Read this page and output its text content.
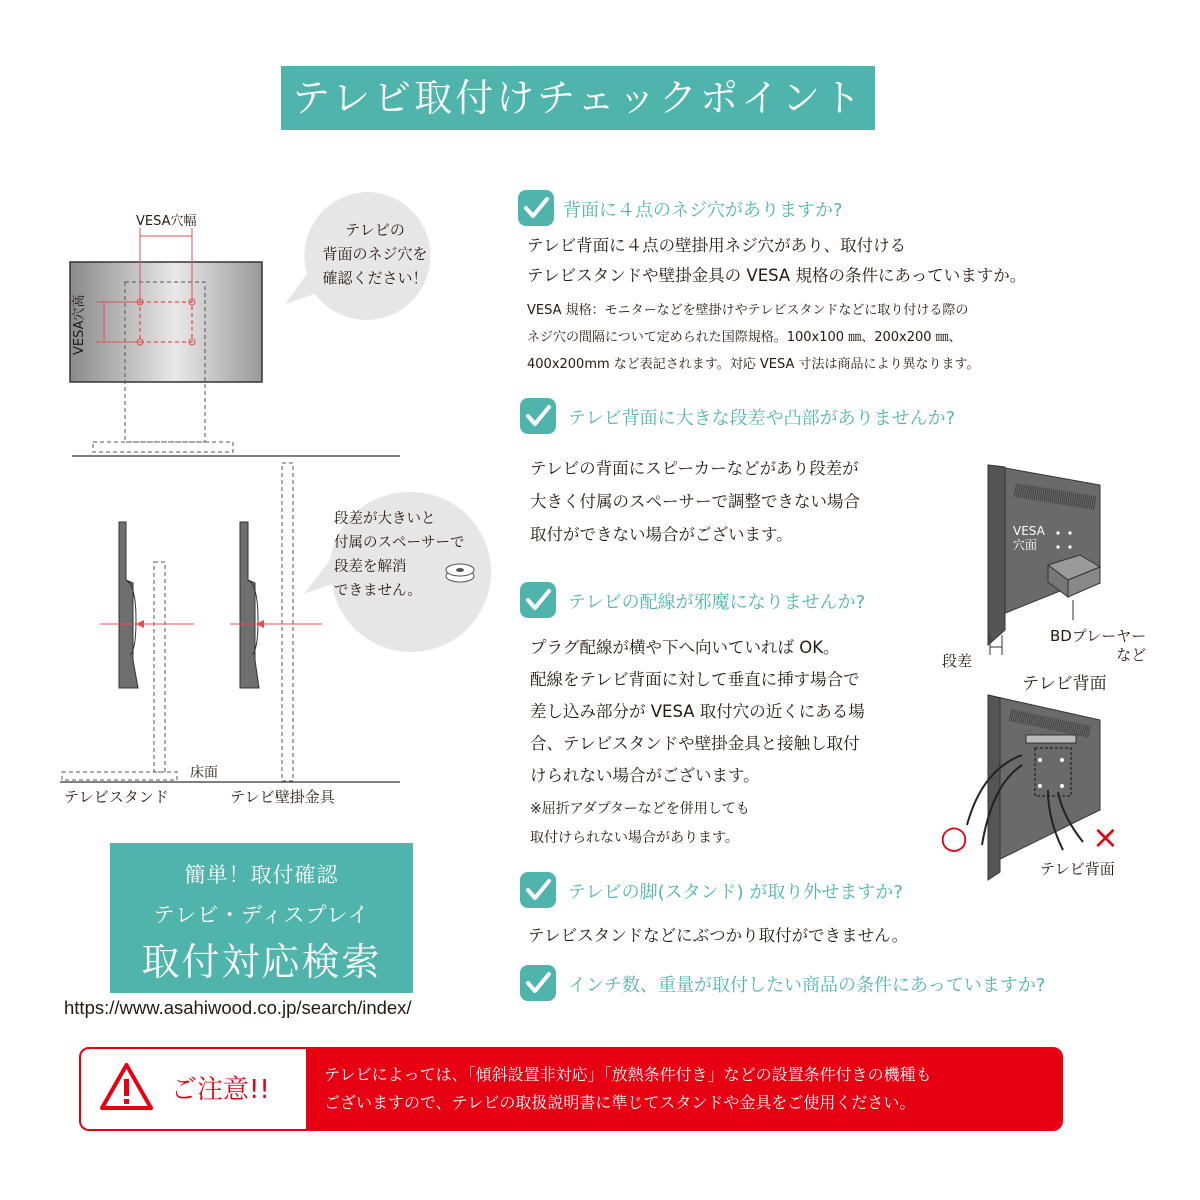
テレビ取付けチェックポイント
VESA穴幅
VESA穴高
テレビの
背面のネジ穴を
確認ください！
段差が大きいと
付属のスペーサーで
段差を解消
できません。
床面
テレビスタンド	テレビ壁掛金具
背面に４点のネジ穴がありますか?
テレビ背面に４点の壁掛用ネジ穴があり、取付ける
テレビスタンドや壁掛金具の VESA 規格の条件にあっていますか。
VESA 規格：モニターなどを壁掛けやテレビスタンドなどに取り付ける際の
ネジ穴の間隔について定められた国際規格。100x100 ㎜、200x200 ㎜、
400x200mm など表記されます。対応 VESA 寸法は商品により異なります。
テレビ背面に大きな段差や凸部がありませんか?
テレビの背面にスピーカーなどがあり段差が
大きく付属のスペーサーで調整できない場合
取付ができない場合がございます。
テレビの配線が邪魔になりませんか?
プラグ配線が横や下へ向いていれば OK。
配線をテレビ背面に対して垂直に挿す場合で
差し込み部分が VESA 取付穴の近くにある場
合、テレビスタンドや壁掛金具と接触し取付
けられない場合がございます。
※屈折アダプターなどを併用しても
取付けられない場合があります。
テレビの脚(スタンド) が取り外せますか?
テレビスタンドなどにぶつかり取付ができません。
インチ数、重量が取付したい商品の条件にあっていますか?
VESA
穴面
BDプレーヤー
など
段差
テレビ背面
○	×
テレビ背面
簡単！取付確認
テレビ・ディスプレイ
取付対応検索
https://www.asahiwood.co.jp/search/index/
ご注意!!
テレビによっては、「傾斜設置非対応」「放熱条件付き」などの設置条件付きの機種も
ございますので、テレビの取扱説明書に準じてスタンドや金具をご使用ください。
